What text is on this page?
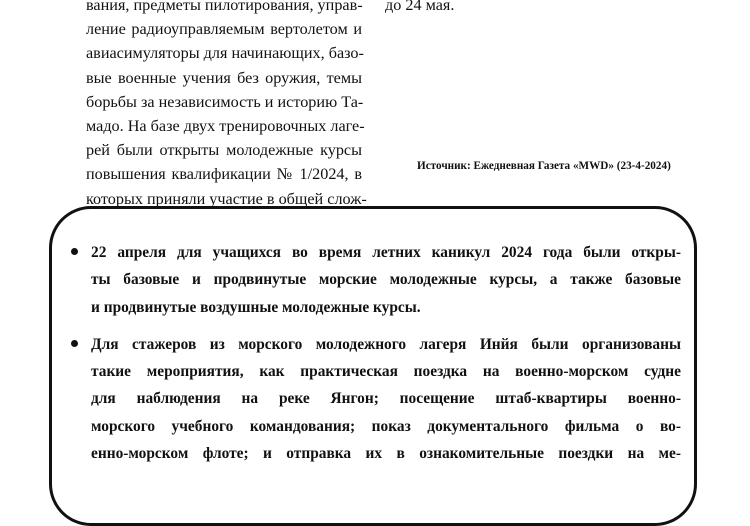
вания, предметы пилотирования, управ-
ление радиоуправляемым вертолетом и
авиасимуляторы для начинающих, базо-
вые военные учения без оружия, темы
борьбы за независимость и историю Та-
мадо. На базе двух тренировочных лаге-
рей были открыты молодежные курсы
повышения квалификации № 1/2024, в
которых приняли участие в общей слож-
до 24 мая.
Источник: Ежедневная Газета «MWD» (23-4-2024)
22 апреля для учащихся во время летних каникул 2024 года были откры-
ты базовые и продвинутые морские молодежные курсы, а также базовые
и продвинутые воздушные молодежные курсы.
Для стажеров из морского молодежного лагеря Инйя были организованы
такие мероприятия, как практическая поездка на военно-морском судне
для наблюдения на реке Янгон; посещение штаб-квартиры военно-
морского учебного командования; показ документального фильма о во-
енно-морском флоте; и отправка их в ознакомительные поездки на ме-
